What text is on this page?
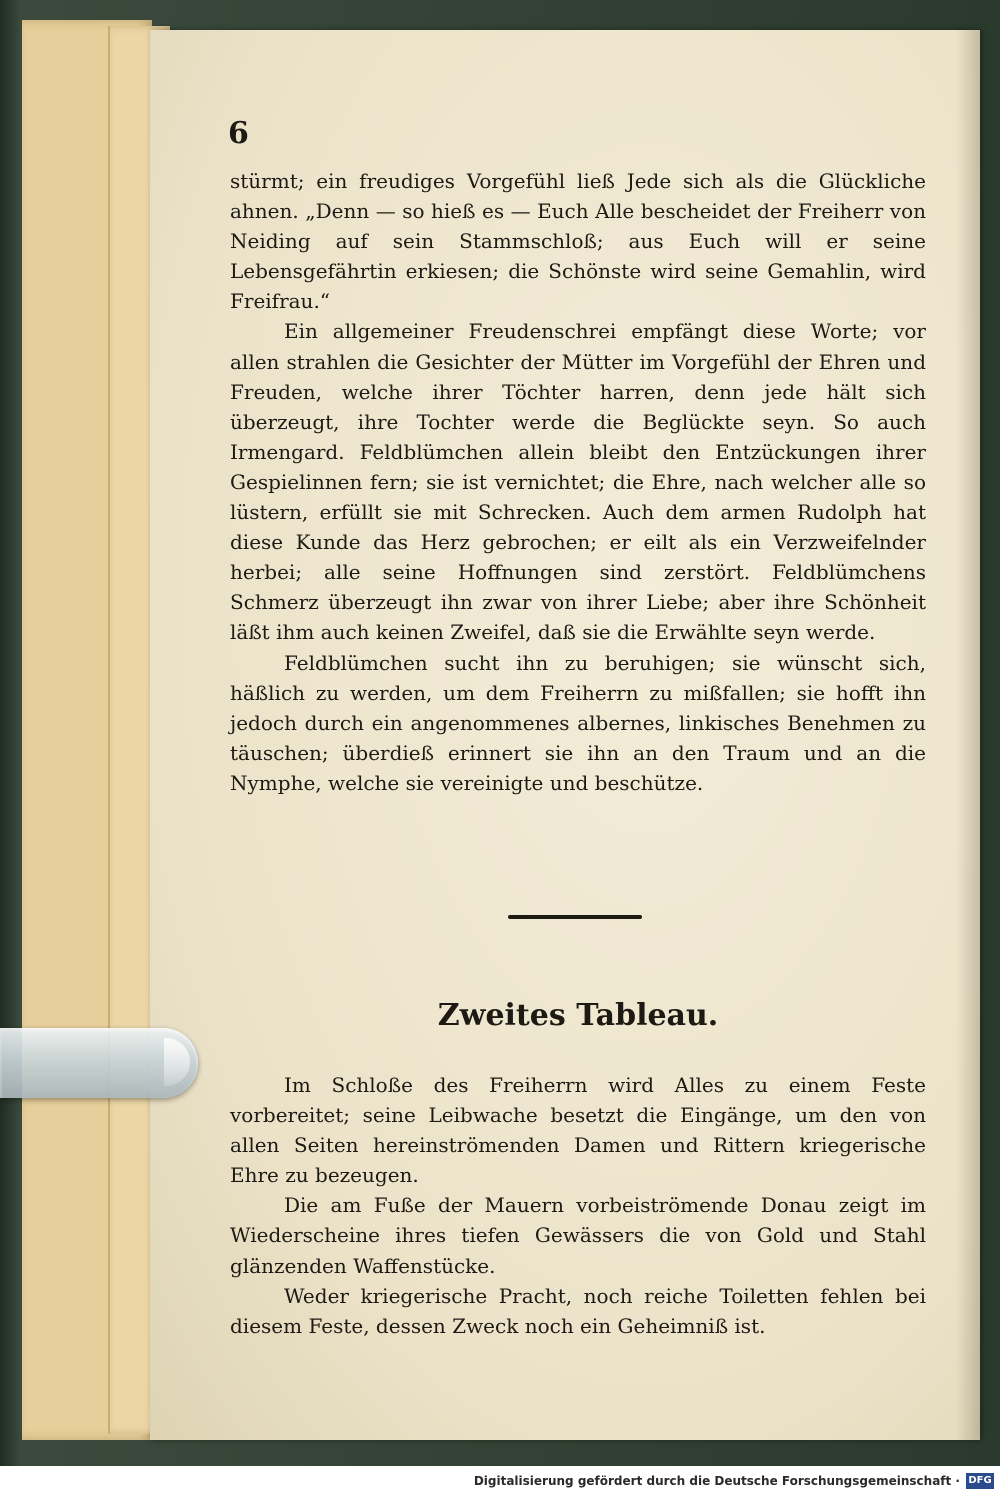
6

stürmt; ein freudiges Vorgefühl ließ Jede sich als die Glückliche ahnen. „Denn — so hieß es — Euch Alle bescheidet der Freiherr von Neiding auf sein Stammschloß; aus Euch will er seine Lebensgefährtin erkiesen; die Schönste wird seine Gemahlin, wird Freifrau.“

Ein allgemeiner Freudenschrei empfängt diese Worte; vor allen strahlen die Gesichter der Mütter im Vorgefühl der Ehren und Freuden, welche ihrer Töchter harren, denn jede hält sich überzeugt, ihre Tochter werde die Beglückte seyn. So auch Irmengard. Feldblümchen allein bleibt den Entzückungen ihrer Gespielinnen fern; sie ist vernichtet; die Ehre, nach welcher alle so lüstern, erfüllt sie mit Schrecken. Auch dem armen Rudolph hat diese Kunde das Herz gebrochen; er eilt als ein Verzweifelnder herbei; alle seine Hoffnungen sind zerstört. Feldblümchens Schmerz überzeugt ihn zwar von ihrer Liebe; aber ihre Schönheit läßt ihm auch keinen Zweifel, daß sie die Erwählte seyn werde.

Feldblümchen sucht ihn zu beruhigen; sie wünscht sich, häßlich zu werden, um dem Freiherrn zu mißfallen; sie hofft ihn jedoch durch ein angenommenes albernes, linkisches Benehmen zu täuschen; überdieß erinnert sie ihn an den Traum und an die Nymphe, welche sie vereinigte und beschütze.

Zweites Tableau.

Im Schloße des Freiherrn wird Alles zu einem Feste vorbereitet; seine Leibwache besetzt die Eingänge, um den von allen Seiten hereinströmenden Damen und Rittern kriegerische Ehre zu bezeugen.

Die am Fuße der Mauern vorbeiströmende Donau zeigt im Wiederscheine ihres tiefen Gewässers die von Gold und Stahl glänzenden Waffenstücke.

Weder kriegerische Pracht, noch reiche Toiletten fehlen bei diesem Feste, dessen Zweck noch ein Geheimniß ist.

Digitalisierung gefördert durch die Deutsche Forschungsgemeinschaft · DFG
